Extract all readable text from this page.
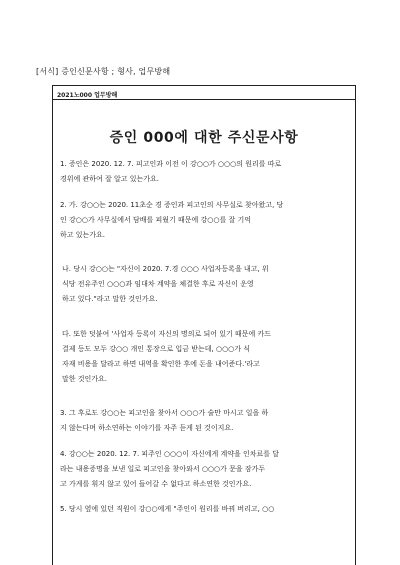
[서식] 증인신문사항 ; 형사, 업무방해
2021노000 업무방해
증인 000에 대한 주신문사항
1. 증인은 2020. 12. 7. 피고인과 이전 이 강○○가 ○○○의 원리를 따로
경위에 관하여 잘 알고 있는가요.
2. 가. 강○○는 2020. 11초순 경 증인과 피고인의 사무실로 찾아왔고, 당
인 강○○가 사무실에서 담배를 피웠기 때문에 강○○를 잘 기억
하고 있는가요.
나. 당시 강○○는 "자신이 2020. 7.경 ○○○ 사업자등록을 내고, 위
식당 전유주인 ○○○과 임대차 계약을 체결한 후로 자신이 운영
하고 있다."라고 말한 것인가요.
다. 또한 덧붙여 '사업자 등록이 자신의 명의로 되어 있기 때문에 카드
결제 등도 모두 강○○ 개인 통장으로 입금 받는데, ○○○가 식
자재 비용을 달라고 하면 내역을 확인한 후에 돈을 내어준다.'라고
말한 것인가요.
3. 그 후로도 강○○는 피고인을 찾아서 ○○○가 술만 마시고 일을 하
지 않는다며 하소연하는 이야기를 자주 듣게 된 것이지요.
4. 강○○는 2020. 12. 7. 피주인 ○○○이 자신에게 계약을 인차료를 달
라는 내용증명을 보낸 일로 피고인을 찾아와서 ○○○가 문을 잠가두
고 가게를 휘지 않고 있어 들어갈 수 없다고 하소연한 것인가요.
5. 당시 옆에 있던 직원이 강○○에게 "주인이 원리를 바꿔 버리고, ○○
